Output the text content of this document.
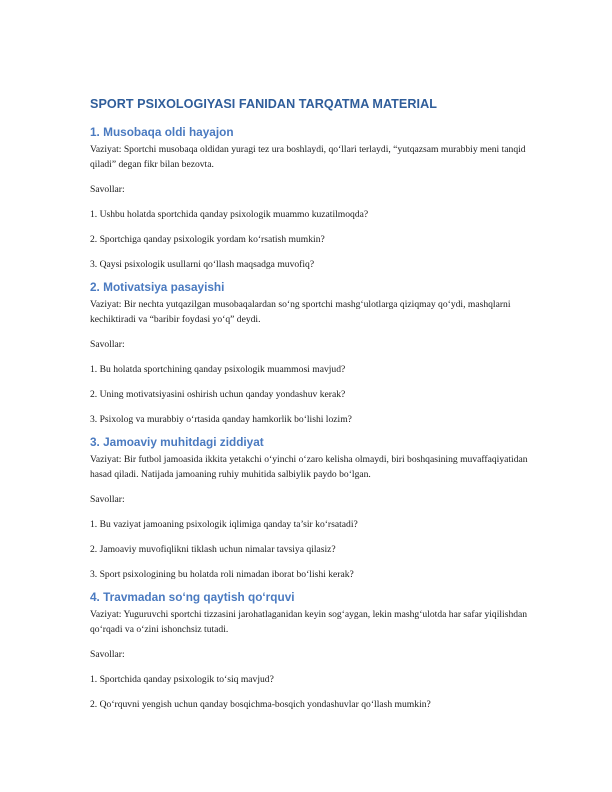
SPORT PSIXOLOGIYASI FANIDAN TARQATMA MATERIAL
1. Musobaqa oldi hayajon
Vaziyat: Sportchi musobaqa oldidan yuragi tez ura boshlaydi, qo‘llari terlaydi, “yutqazsam murabbiy meni tanqid qiladi” degan fikr bilan bezovta.
Savollar:
1. Ushbu holatda sportchida qanday psixologik muammo kuzatilmoqda?
2. Sportchiga qanday psixologik yordam ko‘rsatish mumkin?
3. Qaysi psixologik usullarni qo‘llash maqsadga muvofiq?
2. Motivatsiya pasayishi
Vaziyat: Bir nechta yutqazilgan musobaqalardan so‘ng sportchi mashg‘ulotlarga qiziqmay qo‘ydi, mashqlarni kechiktiradi va “baribir foydasi yo‘q” deydi.
Savollar:
1. Bu holatda sportchining qanday psixologik muammosi mavjud?
2. Uning motivatsiyasini oshirish uchun qanday yondashuv kerak?
3. Psixolog va murabbiy o‘rtasida qanday hamkorlik bo‘lishi lozim?
3. Jamoaviy muhitdagi ziddiyat
Vaziyat: Bir futbol jamoasida ikkita yetakchi o‘yinchi o‘zaro kelisha olmaydi, biri boshqasining muvaffaqiyatidan hasad qiladi. Natijada jamoaning ruhiy muhitida salbiylik paydo bo‘lgan.
Savollar:
1. Bu vaziyat jamoaning psixologik iqlimiga qanday ta’sir ko‘rsatadi?
2. Jamoaviy muvofiqlikni tiklash uchun nimalar tavsiya qilasiz?
3. Sport psixologining bu holatda roli nimadan iborat bo‘lishi kerak?
4. Travmadan so‘ng qaytish qo‘rquvi
Vaziyat: Yuguruvchi sportchi tizzasini jarohatlaganidan keyin sog‘aygan, lekin mashg‘ulotda har safar yiqilishdan qo‘rqadi va o‘zini ishonchsiz tutadi.
Savollar:
1. Sportchida qanday psixologik to‘siq mavjud?
2. Qo‘rquvni yengish uchun qanday bosqichma-bosqich yondashuvlar qo‘llash mumkin?
